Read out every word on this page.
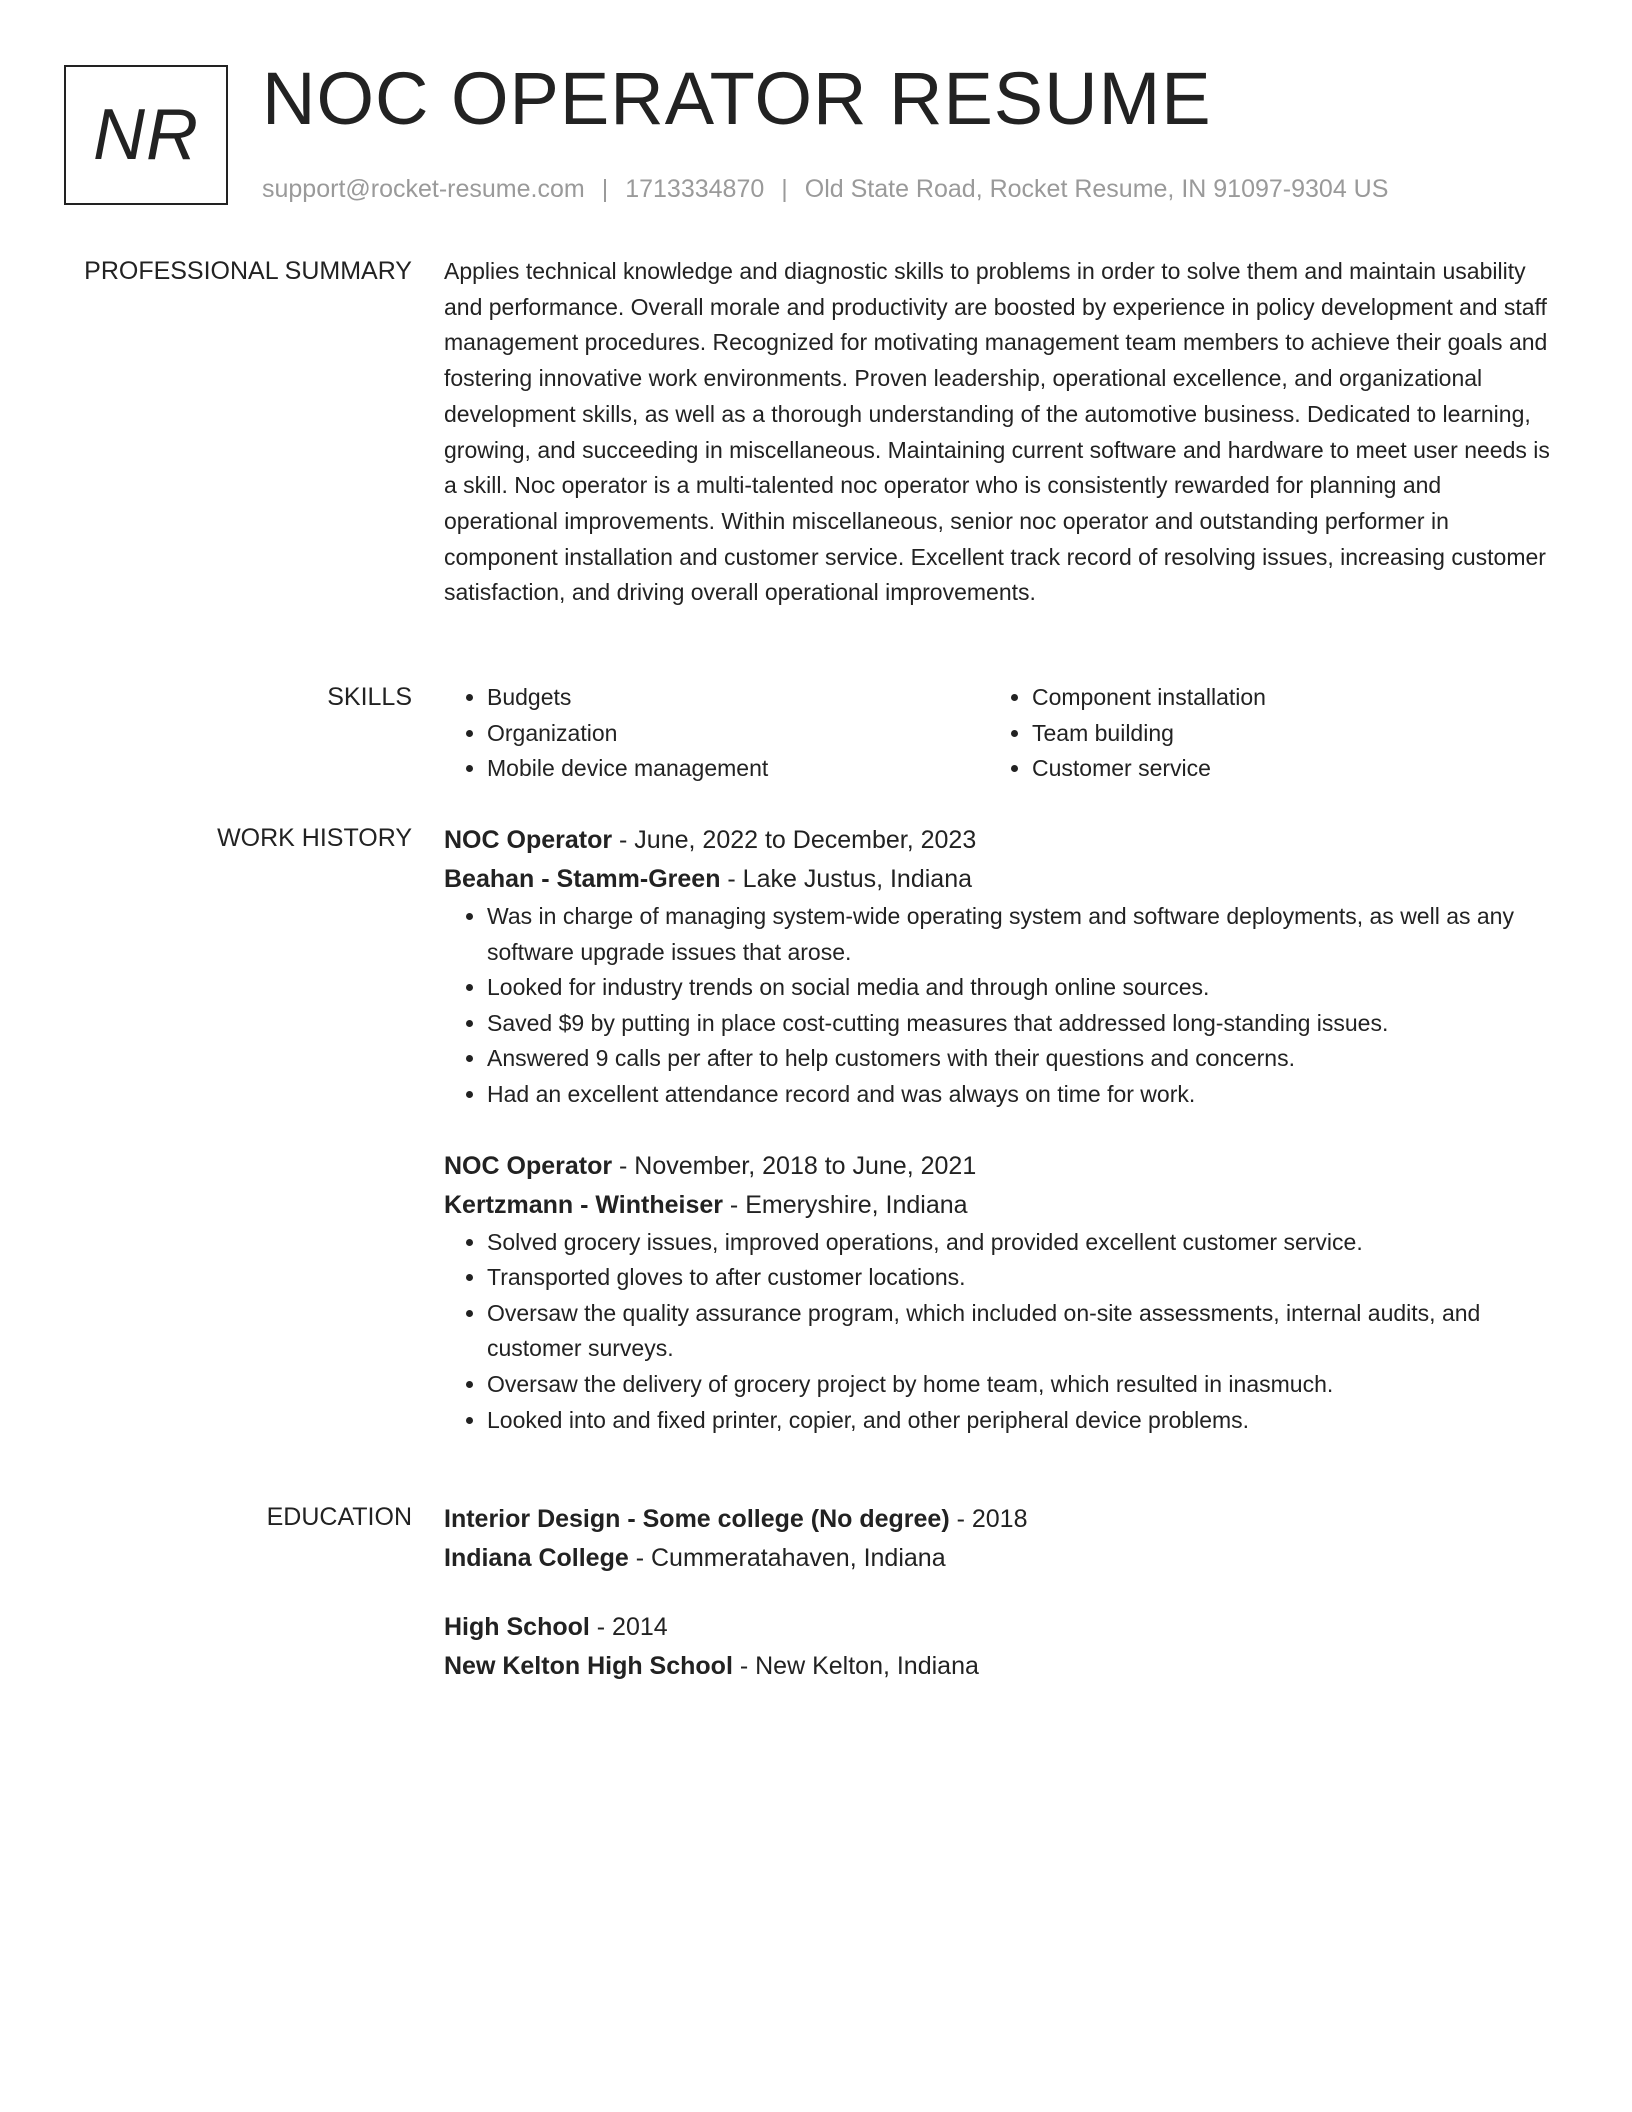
NR NOC OPERATOR RESUME
support@rocket-resume.com | 1713334870 | Old State Road, Rocket Resume, IN 91097-9304 US
PROFESSIONAL SUMMARY Applies technical knowledge and diagnostic skills to problems in order to solve them and maintain usability and performance. Overall morale and productivity are boosted by experience in policy development and staff management procedures. Recognized for motivating management team members to achieve their goals and fostering innovative work environments. Proven leadership, operational excellence, and organizational development skills, as well as a thorough understanding of the automotive business. Dedicated to learning, growing, and succeeding in miscellaneous. Maintaining current software and hardware to meet user needs is a skill. Noc operator is a multi-talented noc operator who is consistently rewarded for planning and operational improvements. Within miscellaneous, senior noc operator and outstanding performer in component installation and customer service. Excellent track record of resolving issues, increasing customer satisfaction, and driving overall operational improvements.

SKILLS
•	Budgets
• Organization
• Mobile device management
• Component installation
• Team building
• Customer service
WORK HISTORY NOC Operator - June, 2022 to December, 2023
Beahan - Stamm-Green - Lake Justus, Indiana
• Was in charge of managing system-wide operating system and software deployments, as well as any software upgrade issues that arose.
• Looked for industry trends on social media and through online sources.
• Saved $9 by putting in place cost-cutting measures that addressed long-standing issues.
• Answered 9 calls per after to help customers with their questions and concerns.
• Had an excellent attendance record and was always on time for work.
NOC Operator - November, 2018 to June, 2021
Kertzmann - Wintheiser - Emeryshire, Indiana
• Solved grocery issues, improved operations, and provided excellent customer service.
• Transported gloves to after customer locations.
• Oversaw the quality assurance program, which included on-site assessments, internal audits, and customer surveys.
• Oversaw the delivery of grocery project by home team, which resulted in inasmuch.
• Looked into and fixed printer, copier, and other peripheral device problems.
EDUCATION Interior Design - Some college (No degree) - 2018
Indiana College - Cummeratahaven, Indiana
High School - 2014
New Kelton High School - New Kelton, Indiana
